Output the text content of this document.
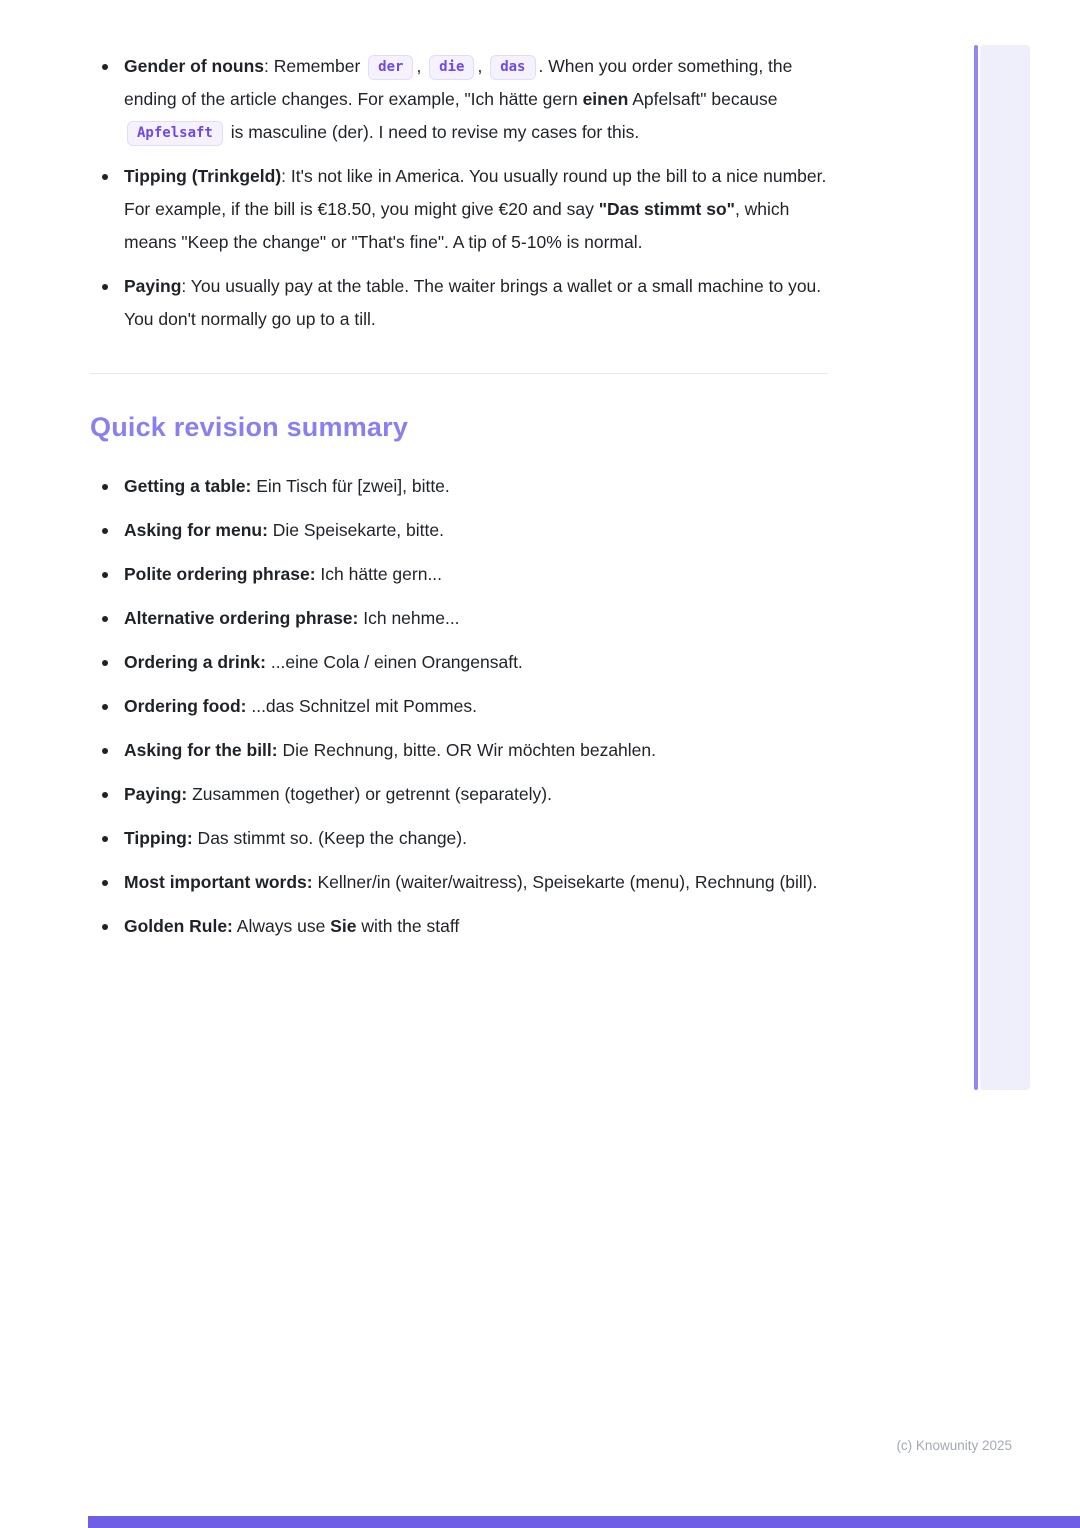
Gender of nouns: Remember der , die , das . When you order something, the ending of the article changes. For example, "Ich hätte gern einen Apfelsaft" because Apfelsaft is masculine (der). I need to revise my cases for this.
Tipping (Trinkgeld): It's not like in America. You usually round up the bill to a nice number. For example, if the bill is €18.50, you might give €20 and say "Das stimmt so", which means "Keep the change" or "That's fine". A tip of 5-10% is normal.
Paying: You usually pay at the table. The waiter brings a wallet or a small machine to you. You don't normally go up to a till.
Quick revision summary
Getting a table: Ein Tisch für [zwei], bitte.
Asking for menu: Die Speisekarte, bitte.
Polite ordering phrase: Ich hätte gern...
Alternative ordering phrase: Ich nehme...
Ordering a drink: ...eine Cola / einen Orangensaft.
Ordering food: ...das Schnitzel mit Pommes.
Asking for the bill: Die Rechnung, bitte. OR Wir möchten bezahlen.
Paying: Zusammen (together) or getrennt (separately).
Tipping: Das stimmt so. (Keep the change).
Most important words: Kellner/in (waiter/waitress), Speisekarte (menu), Rechnung (bill).
Golden Rule: Always use Sie with the staff
(c) Knowunity 2025
